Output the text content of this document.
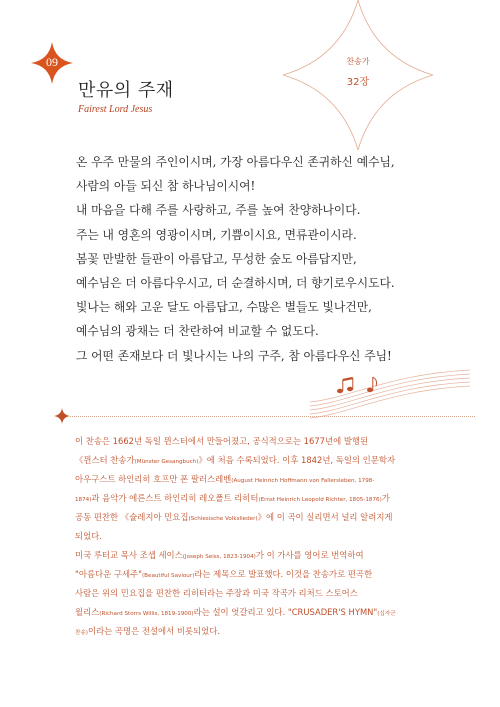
09
만유의 주재
Fairest Lord Jesus
찬송가
32장
온 우주 만물의 주인이시며, 가장 아름다우신 존귀하신 예수님,
사람의 아들 되신 참 하나님이시여!
내 마음을 다해 주를 사랑하고, 주를 높여 찬양하나이다.
주는 내 영혼의 영광이시며, 기쁨이시요, 면류관이시라.
봄꽃 만발한 들판이 아름답고, 무성한 숲도 아름답지만,
예수님은 더 아름다우시고, 더 순결하시며, 더 향기로우시도다.
빛나는 해와 고운 달도 아름답고, 수많은 별들도 빛나건만,
예수님의 광채는 더 찬란하여 비교할 수 없도다.
그 어떤 존재보다 더 빛나시는 나의 구주, 참 아름다우신 주님!
이 찬송은 1662년 독일 뮌스터에서 만들어졌고, 공식적으로는 1677년에 발행된
《뮌스터 찬송가(Münster Gesangbuch)》에 처음 수록되었다. 이후 1842년, 독일의 인문학자
아우구스트 하인리히 호프만 폰 팔러스레벤(August Heinrich Hoffmann von Fallersleben, 1798-
1874)과 음악가 에른스트 하인리히 레오폴트 리히터(Ernst Heinrich Leopold Richter, 1805-1876)가
공동 편찬한 《슐레지아 민요집(Schlesische Volkslieder)》에 이 곡이 실리면서 널리 알려지게
되었다.
미국 루터교 목사 조셉 세이스(Joseph Seiss, 1823-1904)가 이 가사를 영어로 번역하여
"아름다운 구세주"(Beautiful Saviour)라는 제목으로 발표했다. 이것을 찬송가로 편곡한
사람은 위의 민요집을 편찬한 리히터라는 주장과 미국 작곡가 리처드 스토어스
윌리스(Richard Storrs Willis, 1819-1900)라는 설이 엇갈리고 있다. "CRUSADER'S HYMN"(십자군
찬송)이라는 곡명은 전설에서 비롯되었다.
